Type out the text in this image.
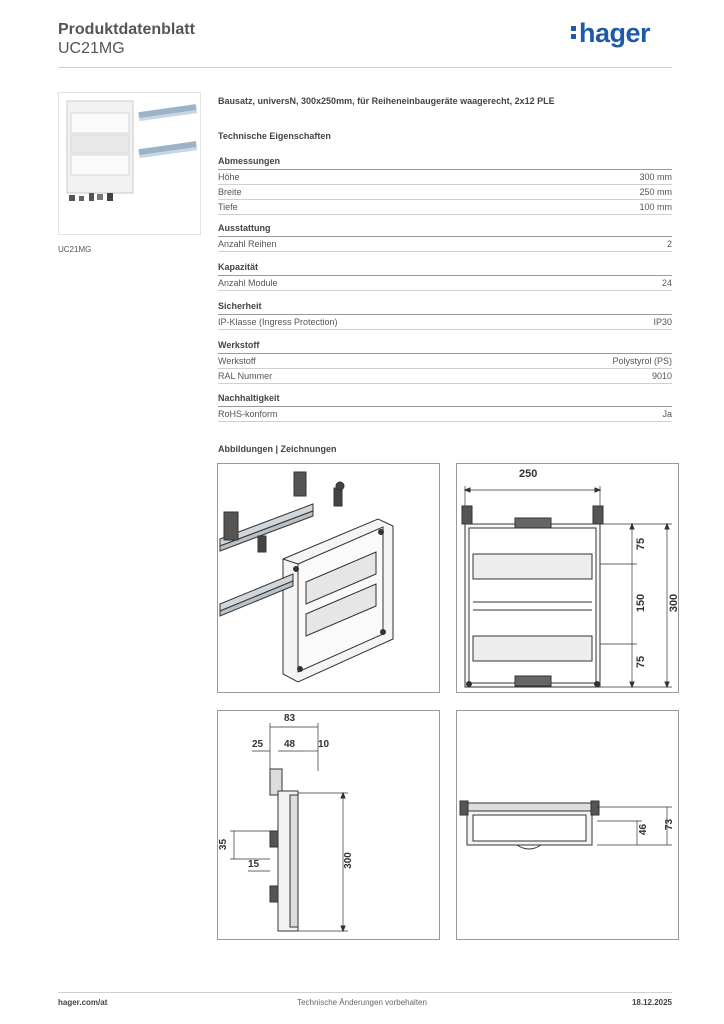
Produktdatenblatt
UC21MG
hager
UC21MG
Bausatz, universN, 300x250mm, für Reiheneinbaugeräte waagerecht, 2x12 PLE
Technische Eigenschaften
Abmessungen
Höhe	300 mm
Breite	250 mm
Tiefe	100 mm
Ausstattung
Anzahl Reihen	2
Kapazität
Anzahl Module	24
Sicherheit
IP-Klasse (Ingress Protection)	IP30
Werkstoff
Werkstoff	Polystyrol (PS)
RAL Nummer	9010
Nachhaltigkeit
RoHS-konform	Ja
Abbildungen | Zeichnungen
250
75
150
75
300
83
25 48 10
35
15	300
46 73
hager.com/at	Technische Änderungen vorbehalten	18.12.2025
